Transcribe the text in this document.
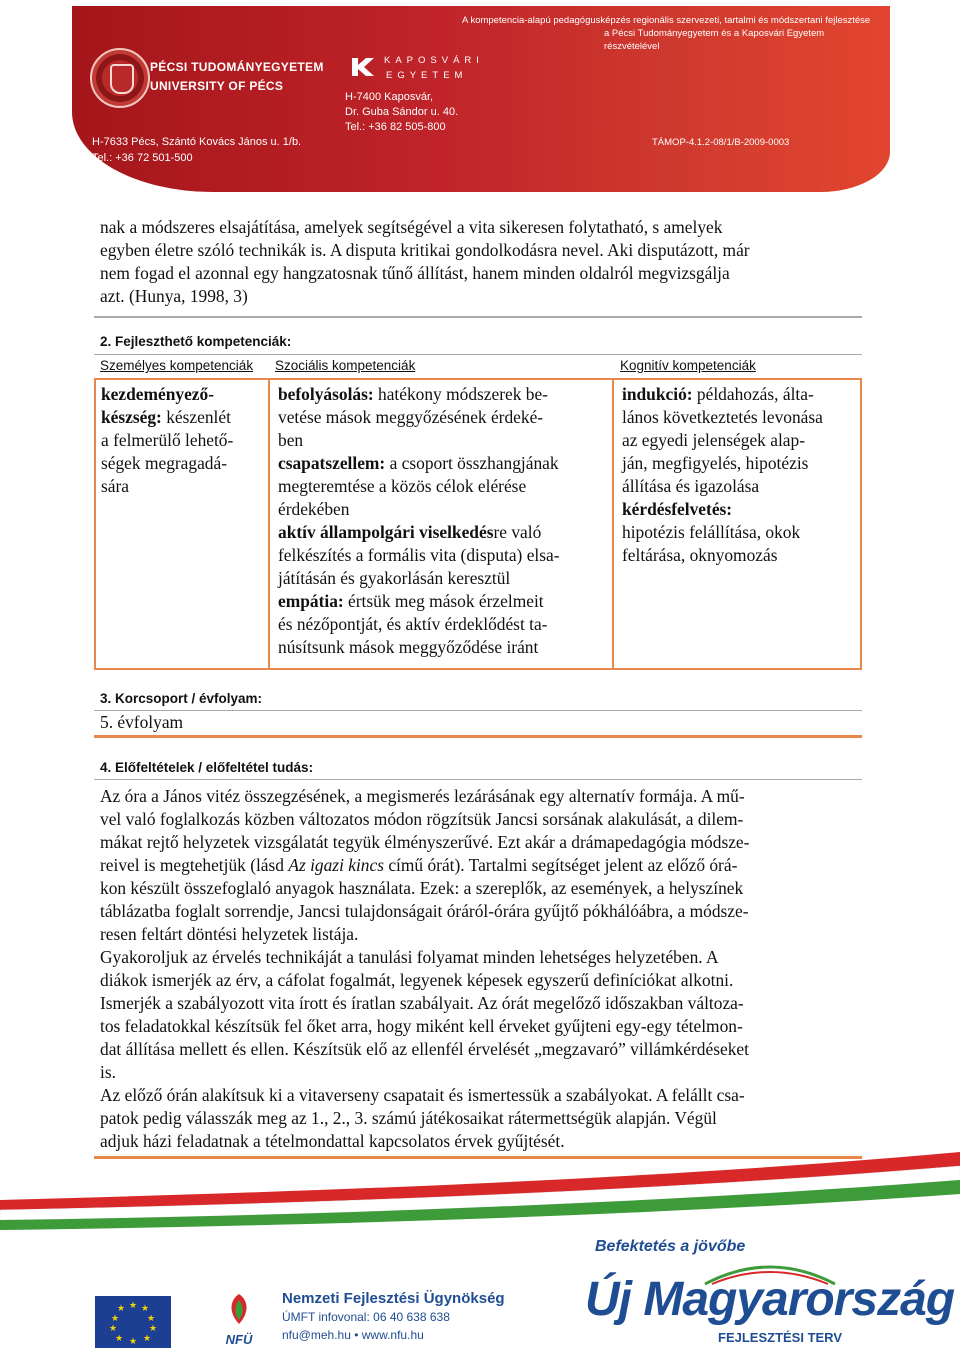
A kompetencia-alapú pedagógusképzés regionális szervezeti, tartalmi és módszertani fejlesztése
a Pécsi Tudományegyetem és a Kaposvári Egyetem részvételével
PÉCSI TUDOMÁNYEGYETEM
UNIVERSITY OF PÉCS
KAPOSVÁRI
EGYETEM
H-7400 Kaposvár,
Dr. Guba Sándor u. 40.
Tel.: +36 82 505-800
H-7633 Pécs, Szántó Kovács János u. 1/b.
Tel.: +36 72 501-500
TÁMOP-4.1.2-08/1/B-2009-0003
nak a módszeres elsajátítása, amelyek segítségével a vita sikeresen folytatható, s amelyek
egyben életre szóló technikák is. A disputa kritikai gondolkodásra nevel. Aki disputázott, már
nem fogad el azonnal egy hangzatosnak tűnő állítást, hanem minden oldalról megvizsgálja
azt. (Hunya, 1998, 3)
2. Fejleszthető kompetenciák:
Személyes kompetenciák Szociális kompetenciák	Kognitív kompetenciák
kezdeményező-
készség: készenlét
a felmerülő lehető-
ségek megragadá-
sára
befolyásolás: hatékony módszerek be-
vetése mások meggyőzésének érdeké-
ben
csapatszellem: a csoport összhangjának
megteremtése a közös célok elérése
érdekében
aktív állampolgári viselkedésre való
felkészítés a formális vita (disputa) elsa-
játításán és gyakorlásán keresztül
empátia: értsük meg mások érzelmeit
és nézőpontját, és aktív érdeklődést ta-
núsítsunk mások meggyőződése iránt
indukció: példahozás, álta-
lános következtetés levonása
az egyedi jelenségek alap-
ján, megfigyelés, hipotézis
állítása és igazolása
kérdésfelvetés:
hipotézis felállítása, okok
feltárása, oknyomozás
3. Korcsoport / évfolyam:
5. évfolyam
4. Előfeltételek / előfeltétel tudás:
Az óra a János vitéz összegzésének, a megismerés lezárásának egy alternatív formája. A mű-
vel való foglalkozás közben változatos módon rögzítsük Jancsi sorsának alakulását, a dilem-
mákat rejtő helyzetek vizsgálatát tegyük élményszerűvé. Ezt akár a drámapedagógia módsze-
reivel is megtehetjük (lásd Az igazi kincs című órát). Tartalmi segítséget jelent az előző órá-
kon készült összefoglaló anyagok használata. Ezek: a szereplők, az események, a helyszínek
táblázatba foglalt sorrendje, Jancsi tulajdonságait óráról-órára gyűjtő pókhálóábra, a módsze-
resen feltárt döntési helyzetek listája.
Gyakoroljuk az érvelés technikáját a tanulási folyamat minden lehetséges helyzetében. A
diákok ismerjék az érv, a cáfolat fogalmát, legyenek képesek egyszerű definíciókat alkotni.
Ismerjék a szabályozott vita írott és íratlan szabályait. Az órát megelőző időszakban változa-
tos feladatokkal készítsük fel őket arra, hogy miként kell érveket gyűjteni egy-egy tételmon-
dat állítása mellett és ellen. Készítsük elő az ellenfél érvelését „megzavaró” villámkérdéseket
is.
Az előző órán alakítsuk ki a vitaverseny csapatait és ismertessük a szabályokat. A felállt csa-
patok pedig válasszák meg az 1., 2., 3. számú játékosaikat rátermettségük alapján. Végül
adjuk házi feladatnak a tételmondattal kapcsolatos érvek gyűjtését.
★ ★
★
★
★
★
★
★
★
★
NFÜ
Nemzeti Fejlesztési Ügynökség
ÚMFT infovonal: 06 40 638 638
nfu@meh.hu • www.nfu.hu
Befektetés a jövőbe
Új Magyarország
FEJLESZTÉSI TERV
